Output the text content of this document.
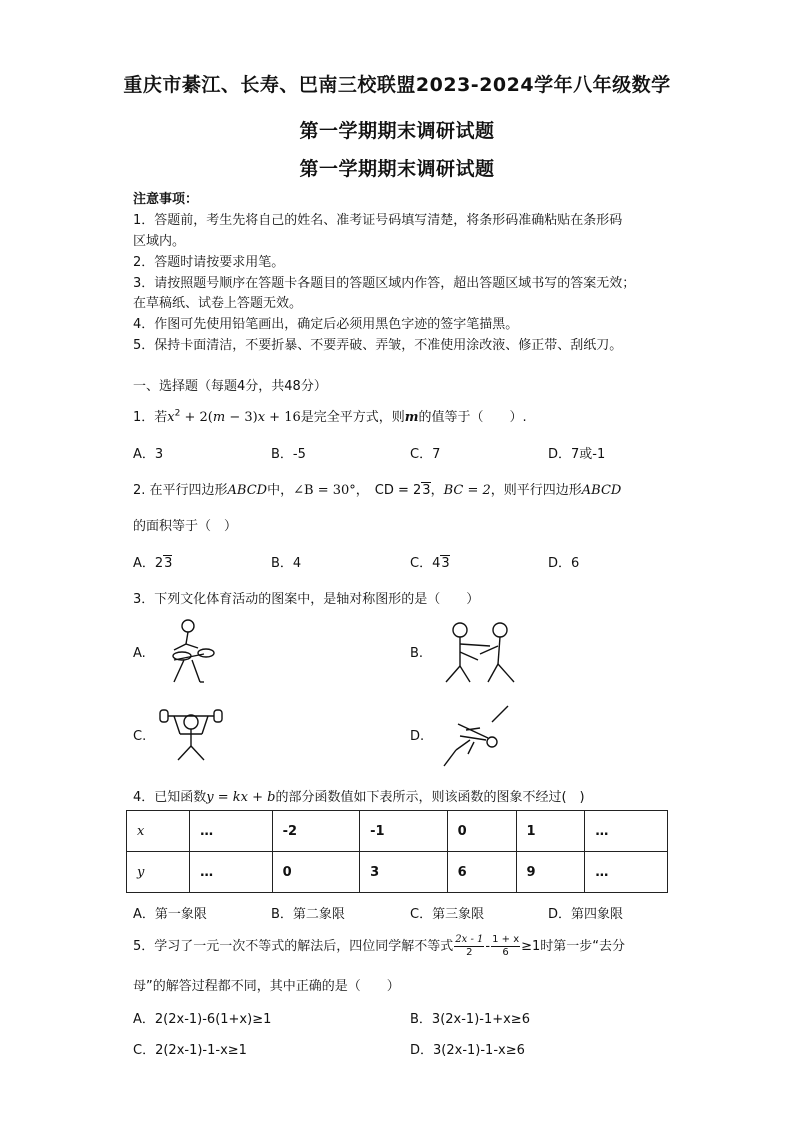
重庆市綦江、长寿、巴南三校联盟2023-2024学年八年级数学
第一学期期末调研试题
第一学期期末调研试题
注意事项：
1．答题前，考生先将自己的姓名、准考证号码填写清楚，将条形码准确粘贴在条形码
区域内。
2．答题时请按要求用笔。
3．请按照题号顺序在答题卡各题目的答题区域内作答，超出答题区域书写的答案无效；
在草稿纸、试卷上答题无效。
4．作图可先使用铅笔画出，确定后必须用黑色字迹的签字笔描黑。
5．保持卡面清洁，不要折暴、不要弄破、弄皱，不准使用涂改液、修正带、刮纸刀。
一、选择题（每题4分，共48分）
1．若$x^2 + 2(m - 3)x + 16$是完全平方式，则m的值等于（　　）.
A．3	B．-5	C．7	D．7或-1
2. 在平行四边形ABCD中，∠B = 30°， CD = 23，BC = 2，则平行四边形ABCD
的面积等于（　）
A．23	B．4	C．43	D．6
3．下列文化体育活动的图案中，是轴对称图形的是（　　）
A.	B.
C.	D.
4．已知函数y = kx + b的部分函数值如下表所示，则该函数的图象不经过(　)
x	…	-2	-1	0	1	…
y	…	0	3	6	9	…
A．第一象限	B．第二象限	C．第三象限	D．第四象限
5．学习了一元一次不等式的解法后，四位同学解不等式 $\frac{2x - 1}{2} - \frac{1 + x}{6} \ge 1$时第一步“去分
母”的解答过程都不同，其中正确的是（　　）
A．2(2x-1)-6(1+x)≥1	B．3(2x-1)-1+x≥6
C．2(2x-1)-1-x≥1	D．3(2x-1)-1-x≥6
